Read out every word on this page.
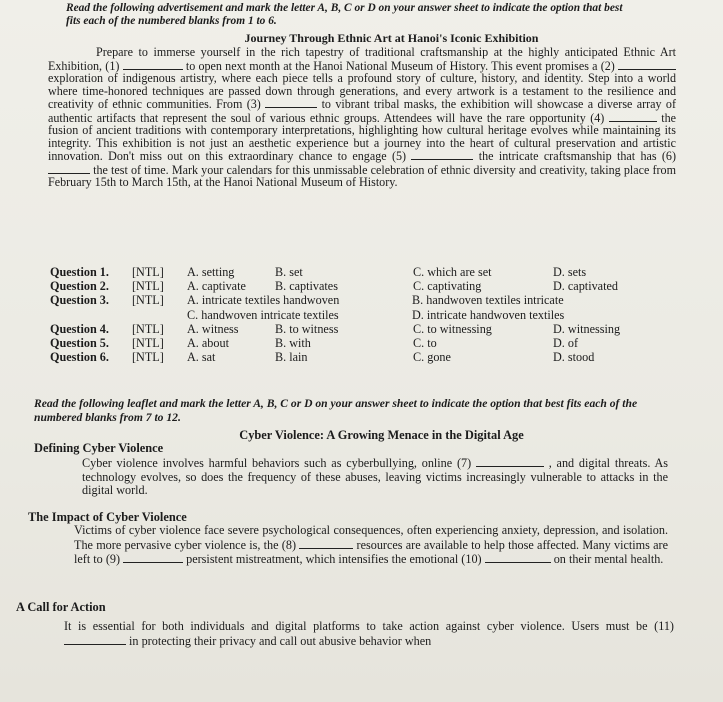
Read the following advertisement and mark the letter A, B, C or D on your answer sheet to indicate the option that best fits each of the numbered blanks from 1 to 6.
Journey Through Ethnic Art at Hanoi's Iconic Exhibition
Prepare to immerse yourself in the rich tapestry of traditional craftsmanship at the highly anticipated Ethnic Art Exhibition, (1)	to open next month at the Hanoi National Museum of History. This event promises a (2)  exploration of indigenous artistry, where each piece tells a profound story of culture, history, and identity. Step into a world where time-honored techniques are passed down through generations, and every artwork is a testament to the resilience and creativity of ethnic communities. From (3)	to vibrant tribal masks, the exhibition will showcase a diverse array of authentic artifacts that represent the soul of various ethnic groups. Attendees will have the rare opportunity (4)	the fusion of ancient traditions with contemporary interpretations, highlighting how cultural heritage evolves while maintaining its integrity. This exhibition is not just an aesthetic experience but a journey into the heart of cultural preservation and artistic innovation. Don't miss out on this extraordinary chance to engage (5)	the intricate craftsmanship that has (6)  the test of time. Mark your calendars for this unmissable celebration of ethnic diversity and creativity, taking place from February 15th to March 15th, at the Hanoi National Museum of History.
Question 1.	[NTL]	A. setting	B. set	C. which are set	D. sets
Question 2.	[NTL]	A. captivate	B. captivates	C. captivating	D. captivated
Question 3.	[NTL]	A. intricate textiles handwoven	B. handwoven textiles intricate
C. handwoven intricate textiles	D. intricate handwoven textiles
Question 4.	[NTL]	A. witness	B. to witness	C. to witnessing	D. witnessing
Question 5.	[NTL]	A. about	B. with	C. to	D. of
Question 6.	[NTL]	A. sat	B. lain	C. gone	D. stood
Read the following leaflet and mark the letter A, B, C or D on your answer sheet to indicate the option that best fits each of the numbered blanks from 7 to 12.
Cyber Violence: A Growing Menace in the Digital Age
Defining Cyber Violence
Cyber violence involves harmful behaviors such as cyberbullying, online (7)	, and digital threats. As technology evolves, so does the frequency of these abuses, leaving victims increasingly vulnerable to attacks in the digital world.
The Impact of Cyber Violence
Victims of cyber violence face severe psychological consequences, often experiencing anxiety, depression, and isolation. The more pervasive cyber violence is, the (8)	resources are available to help those affected. Many victims are left to (9)	persistent mistreatment, which intensifies the emotional (10)	on their mental health.
A Call for Action
It is essential for both individuals and digital platforms to take action against cyber violence. Users must be (11)  in protecting their privacy and call out abusive behavior when
